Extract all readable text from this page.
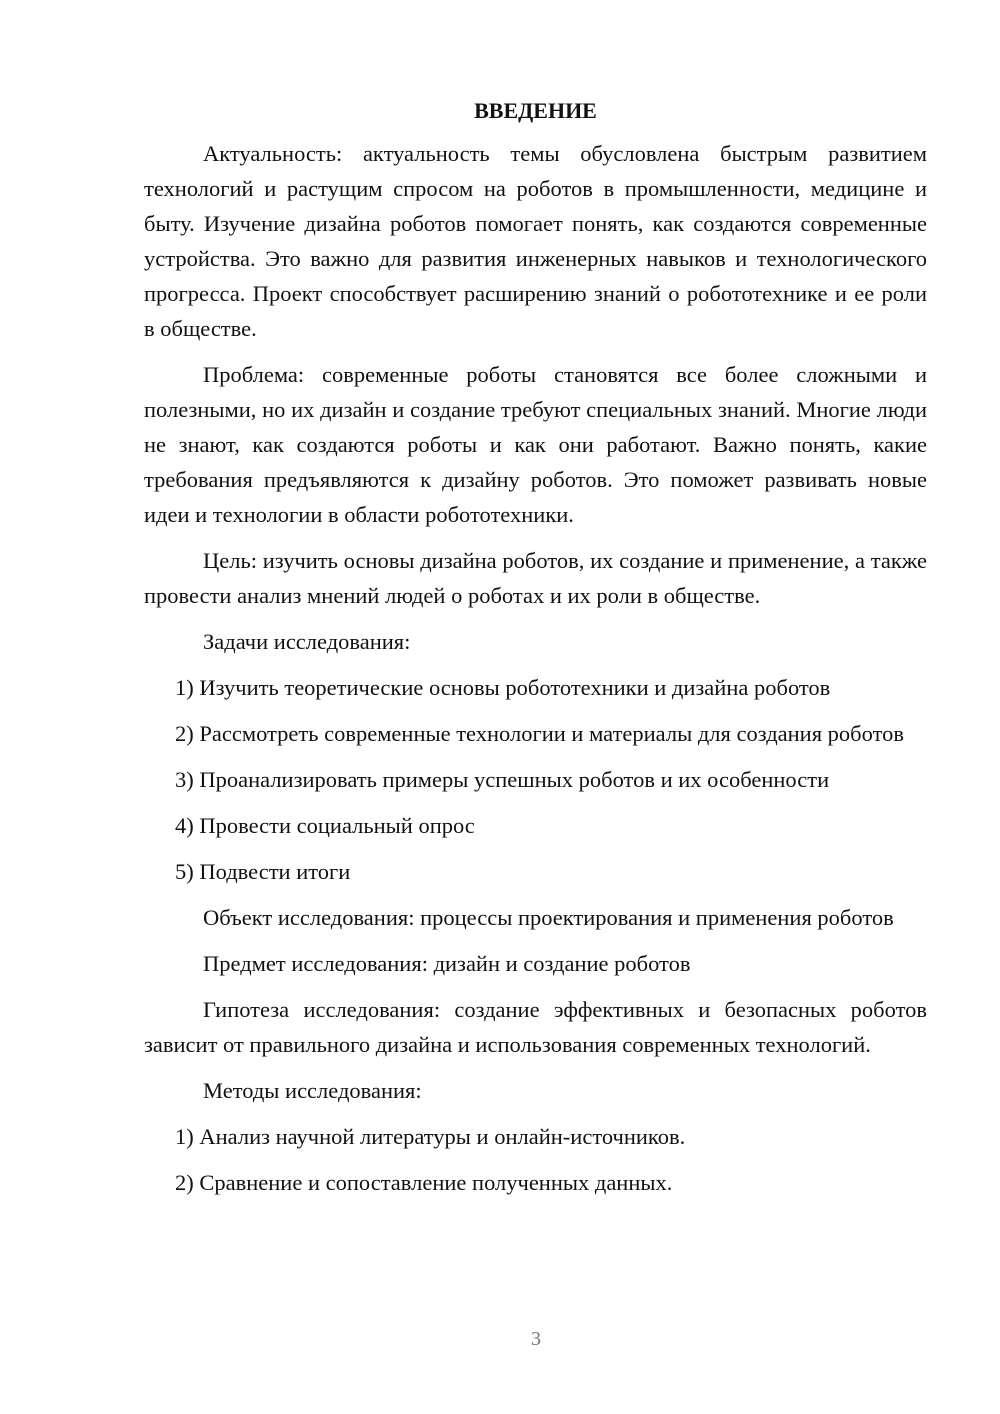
ВВЕДЕНИЕ

Актуальность: актуальность темы обусловлена быстрым развитием технологий и растущим спросом на роботов в промышленности, медицине и быту. Изучение дизайна роботов помогает понять, как создаются современные устройства. Это важно для развития инженерных навыков и технологического прогресса. Проект способствует расширению знаний о робототехнике и ее роли в обществе.

Проблема: современные роботы становятся все более сложными и полезными, но их дизайн и создание требуют специальных знаний. Многие люди не знают, как создаются роботы и как они работают. Важно понять, какие требования предъявляются к дизайну роботов. Это поможет развивать новые идеи и технологии в области робототехники.

Цель: изучить основы дизайна роботов, их создание и применение, а также провести анализ мнений людей о роботах и их роли в обществе.

Задачи исследования:

1) Изучить теоретические основы робототехники и дизайна роботов

2) Рассмотреть современные технологии и материалы для создания роботов

3) Проанализировать примеры успешных роботов и их особенности

4) Провести социальный опрос

5) Подвести итоги

Объект исследования: процессы проектирования и применения роботов

Предмет исследования: дизайн и создание роботов

Гипотеза исследования: создание эффективных и безопасных роботов зависит от правильного дизайна и использования современных технологий.

Методы исследования:

1) Анализ научной литературы и онлайн-источников.

2) Сравнение и сопоставление полученных данных.

3
